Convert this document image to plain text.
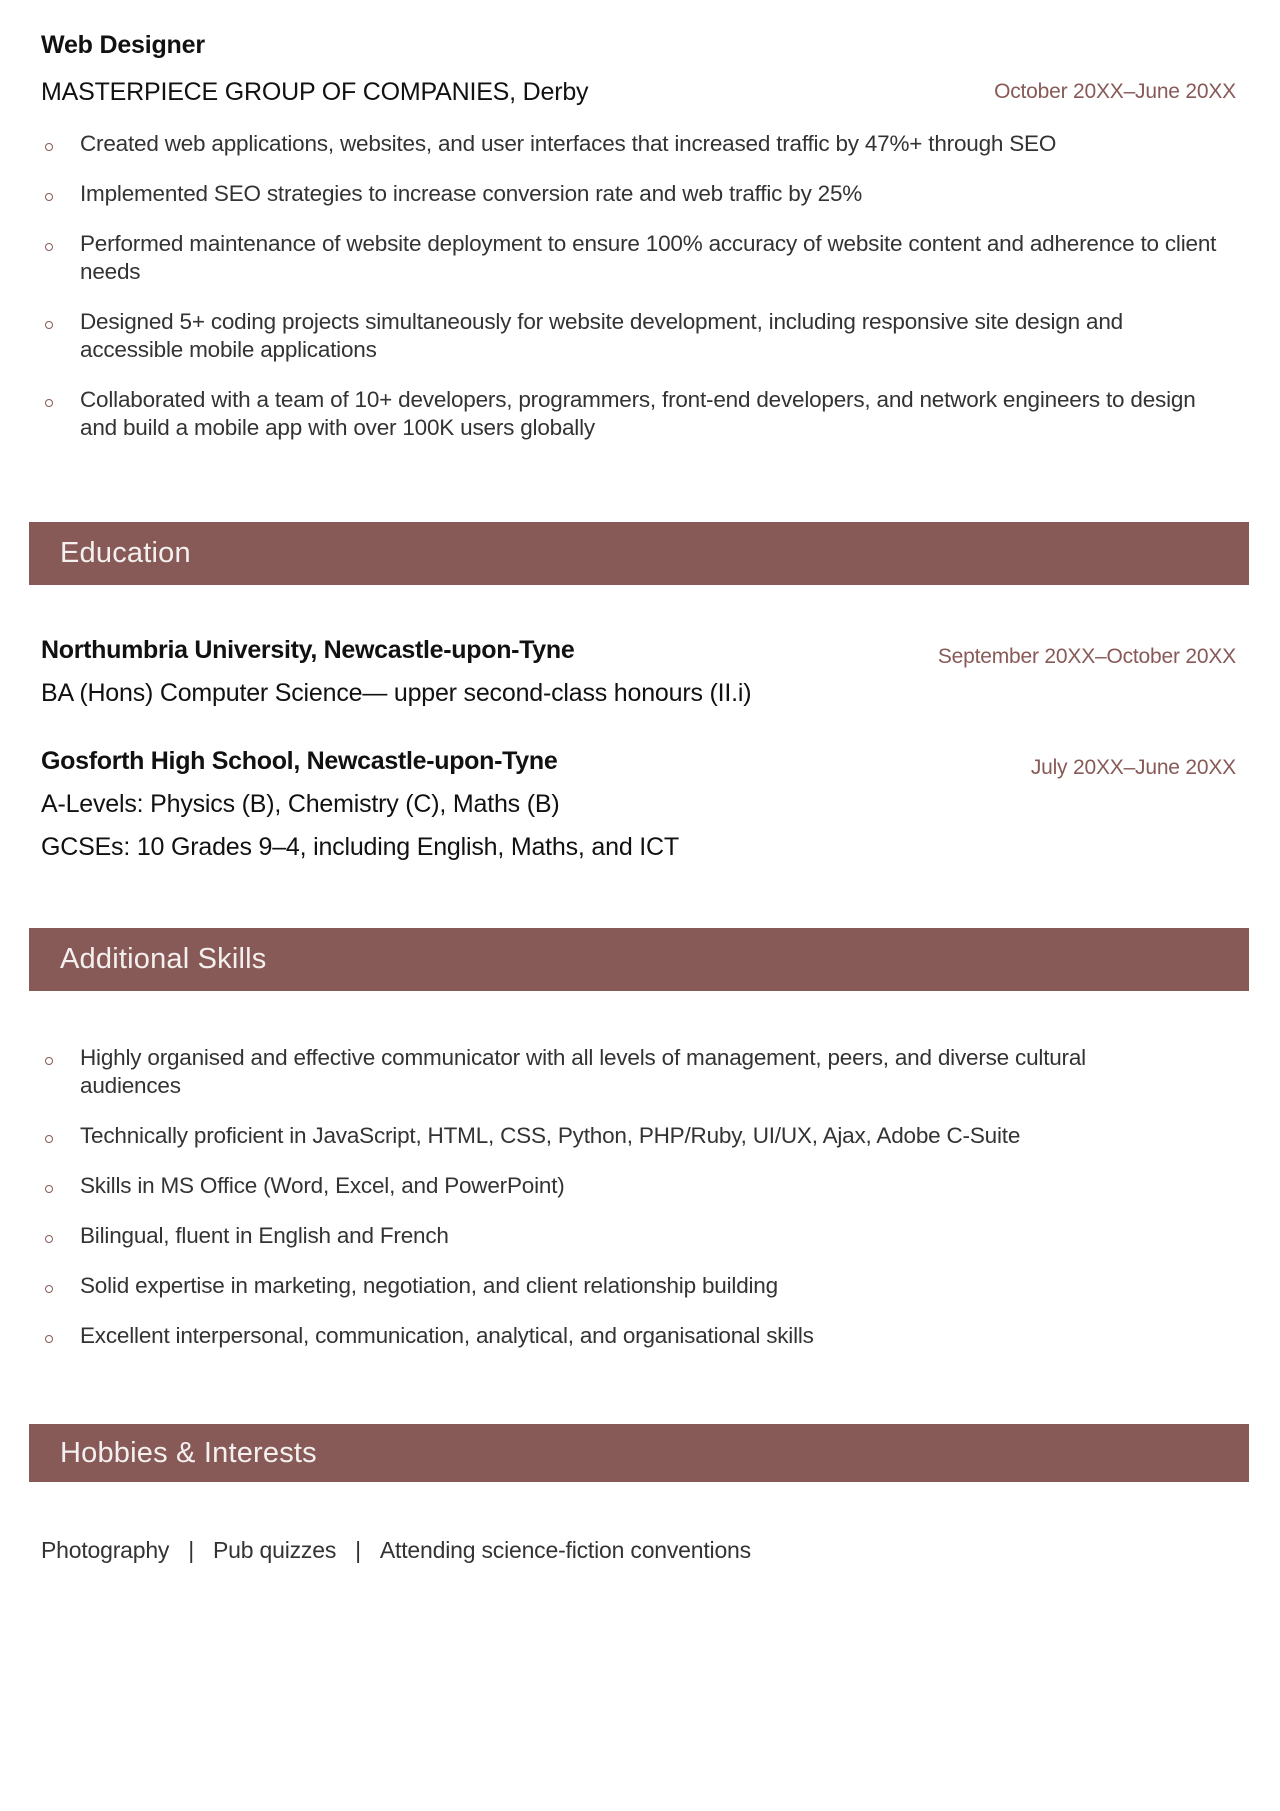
Web Designer
MASTERPIECE GROUP OF COMPANIES, Derby	October 20XX–June 20XX
Created web applications, websites, and user interfaces that increased traffic by 47%+ through SEO
Implemented SEO strategies to increase conversion rate and web traffic by 25%
Performed maintenance of website deployment to ensure 100% accuracy of website content and adherence to client needs
Designed 5+ coding projects simultaneously for website development, including responsive site design and accessible mobile applications
Collaborated with a team of 10+ developers, programmers, front-end developers, and network engineers to design and build a mobile app with over 100K users globally
Education
Northumbria University, Newcastle-upon-Tyne	September 20XX–October 20XX
BA (Hons) Computer Science— upper second-class honours (II.i)
Gosforth High School, Newcastle-upon-Tyne	July 20XX–June 20XX
A-Levels: Physics (B), Chemistry (C), Maths (B)
GCSEs: 10 Grades 9–4, including English, Maths, and ICT
Additional Skills
Highly organised and effective communicator with all levels of management, peers, and diverse cultural audiences
Technically proficient in JavaScript, HTML, CSS, Python, PHP/Ruby, UI/UX, Ajax, Adobe C-Suite
Skills in MS Office (Word, Excel, and PowerPoint)
Bilingual, fluent in English and French
Solid expertise in marketing, negotiation, and client relationship building
Excellent interpersonal, communication, analytical, and organisational skills
Hobbies & Interests
Photography | Pub quizzes | Attending science-fiction conventions
